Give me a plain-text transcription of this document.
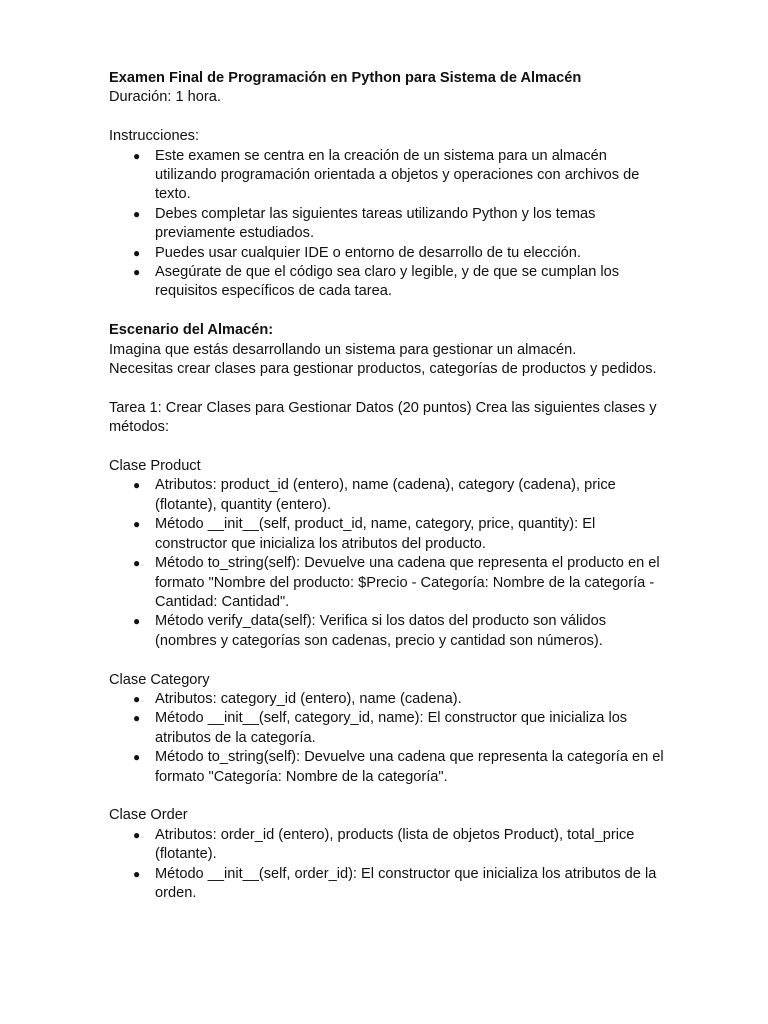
Examen Final de Programación en Python para Sistema de Almacén

Duración: 1 hora.

Instrucciones:

● Este examen se centra en la creación de un sistema para un almacén utilizando programación orientada a objetos y operaciones con archivos de texto.
● Debes completar las siguientes tareas utilizando Python y los temas previamente estudiados.
● Puedes usar cualquier IDE o entorno de desarrollo de tu elección.
● Asegúrate de que el código sea claro y legible, y de que se cumplan los requisitos específicos de cada tarea.

Escenario del Almacén:

Imagina que estás desarrollando un sistema para gestionar un almacén.

Necesitas crear clases para gestionar productos, categorías de productos y pedidos.

Tarea 1: Crear Clases para Gestionar Datos (20 puntos) Crea las siguientes clases y métodos:

Clase Product

● Atributos: product_id (entero), name (cadena), category (cadena), price (flotante), quantity (entero).
● Método __init__(self, product_id, name, category, price, quantity): El constructor que inicializa los atributos del producto.
● Método to_string(self): Devuelve una cadena que representa el producto en el formato "Nombre del producto: $Precio - Categoría: Nombre de la categoría - Cantidad: Cantidad".
● Método verify_data(self): Verifica si los datos del producto son válidos (nombres y categorías son cadenas, precio y cantidad son números).

Clase Category

● Atributos: category_id (entero), name (cadena).
● Método __init__(self, category_id, name): El constructor que inicializa los atributos de la categoría.
● Método to_string(self): Devuelve una cadena que representa la categoría en el formato "Categoría: Nombre de la categoría".

Clase Order

● Atributos: order_id (entero), products (lista de objetos Product), total_price (flotante).
● Método __init__(self, order_id): El constructor que inicializa los atributos de la orden.
